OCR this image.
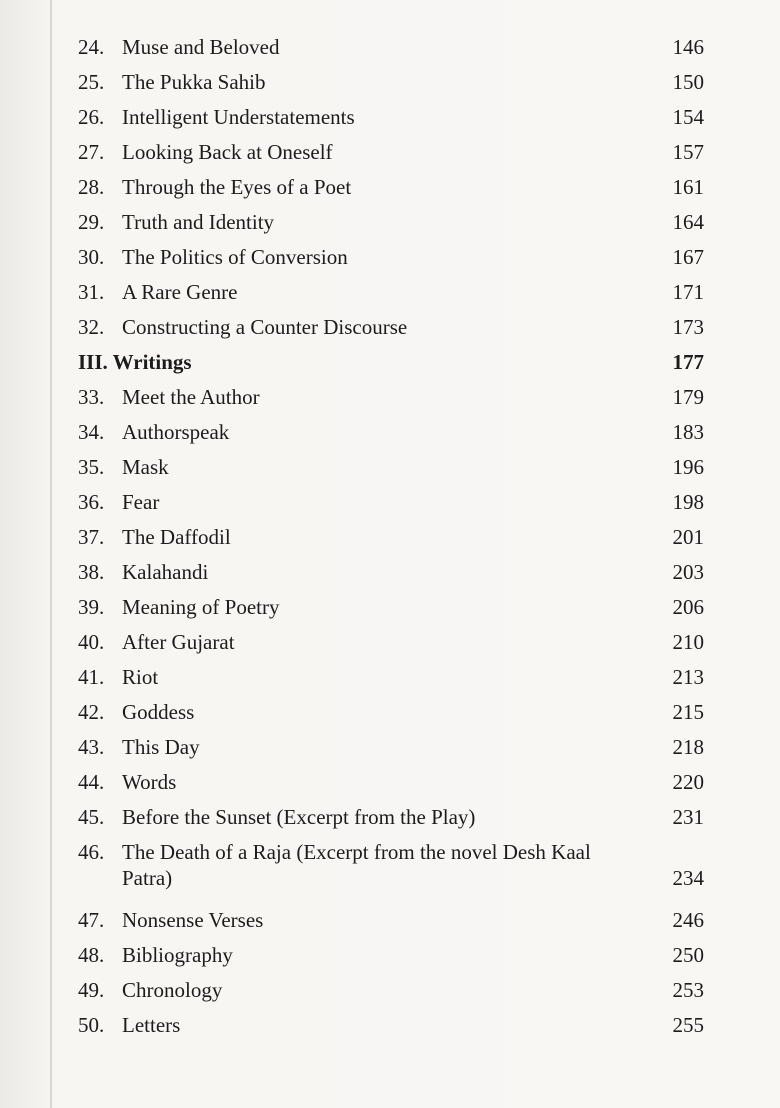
24. Muse and Beloved	146
25. The Pukka Sahib	150
26. Intelligent Understatements	154
27. Looking Back at Oneself	157
28. Through the Eyes of a Poet	161
29. Truth and Identity	164
30. The Politics of Conversion	167
31. A Rare Genre	171
32. Constructing a Counter Discourse	173
III. Writings	177
33. Meet the Author	179
34. Authorspeak	183
35. Mask	196
36. Fear	198
37. The Daffodil	201
38. Kalahandi	203
39. Meaning of Poetry	206
40. After Gujarat	210
41. Riot	213
42. Goddess	215
43. This Day	218
44. Words	220
45. Before the Sunset (Excerpt from the Play)	231
46. The Death of a Raja (Excerpt from the novel Desh Kaal Patra)	234
47. Nonsense Verses	246
48. Bibliography	250
49. Chronology	253
50. Letters	255
